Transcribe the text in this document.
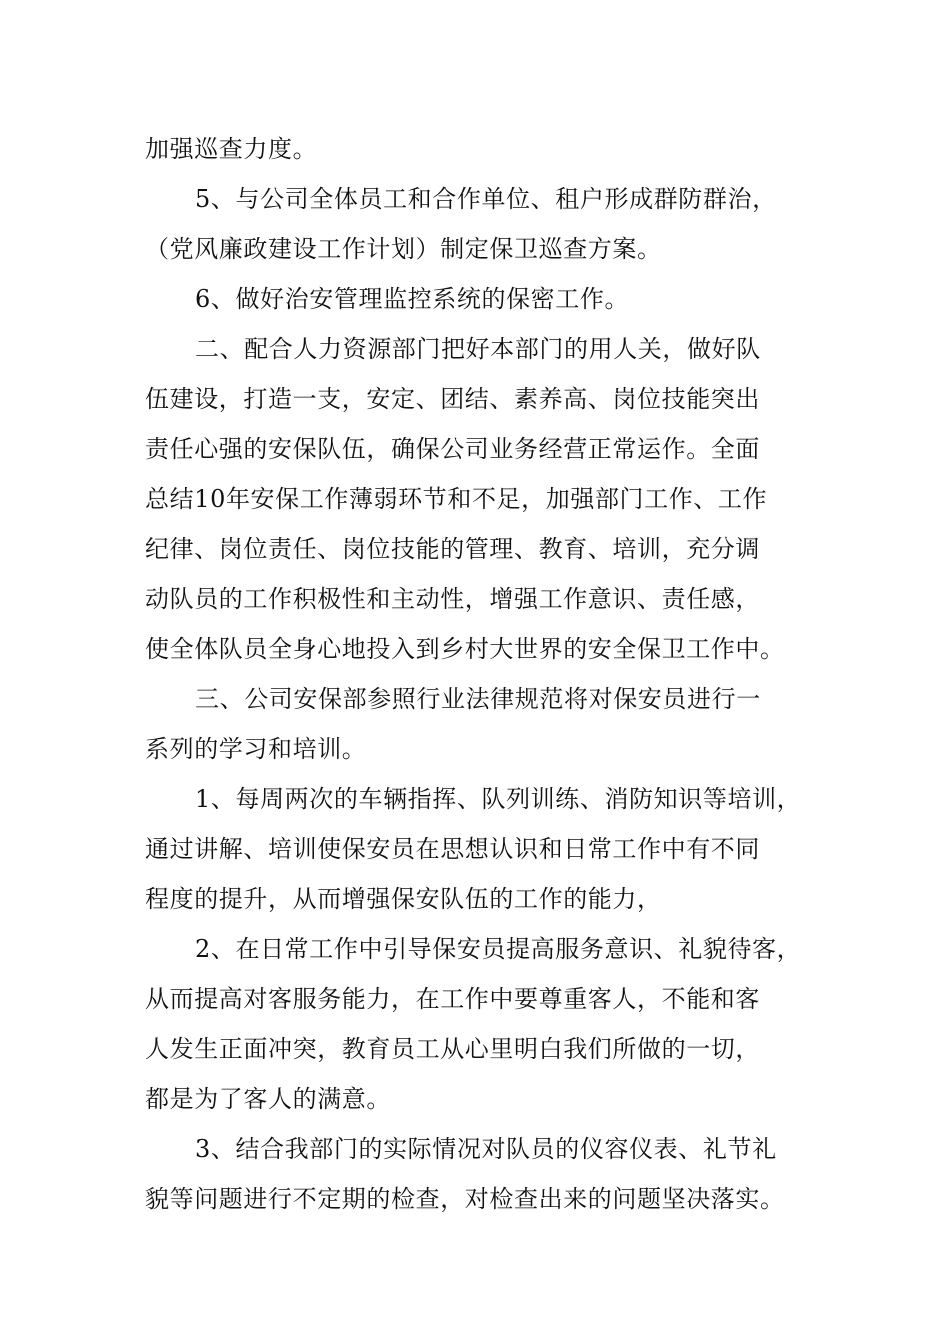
加强巡查力度。
5、与公司全体员工和合作单位、租户形成群防群治，
（党风廉政建设工作计划）制定保卫巡查方案。
6、做好治安管理监控系统的保密工作。
二、配合人力资源部门把好本部门的用人关，做好队
伍建设，打造一支，安定、团结、素养高、岗位技能突出
责任心强的安保队伍，确保公司业务经营正常运作。全面
总结10年安保工作薄弱环节和不足，加强部门工作、工作
纪律、岗位责任、岗位技能的管理、教育、培训，充分调
动队员的工作积极性和主动性，增强工作意识、责任感，
使全体队员全身心地投入到乡村大世界的安全保卫工作中。
三、公司安保部参照行业法律规范将对保安员进行一
系列的学习和培训。
1、每周两次的车辆指挥、队列训练、消防知识等培训，
通过讲解、培训使保安员在思想认识和日常工作中有不同
程度的提升，从而增强保安队伍的工作的能力，
2、在日常工作中引导保安员提高服务意识、礼貌待客，
从而提高对客服务能力，在工作中要尊重客人，不能和客
人发生正面冲突，教育员工从心里明白我们所做的一切，
都是为了客人的满意。
3、结合我部门的实际情况对队员的仪容仪表、礼节礼
貌等问题进行不定期的检查，对检查出来的问题坚决落实。
